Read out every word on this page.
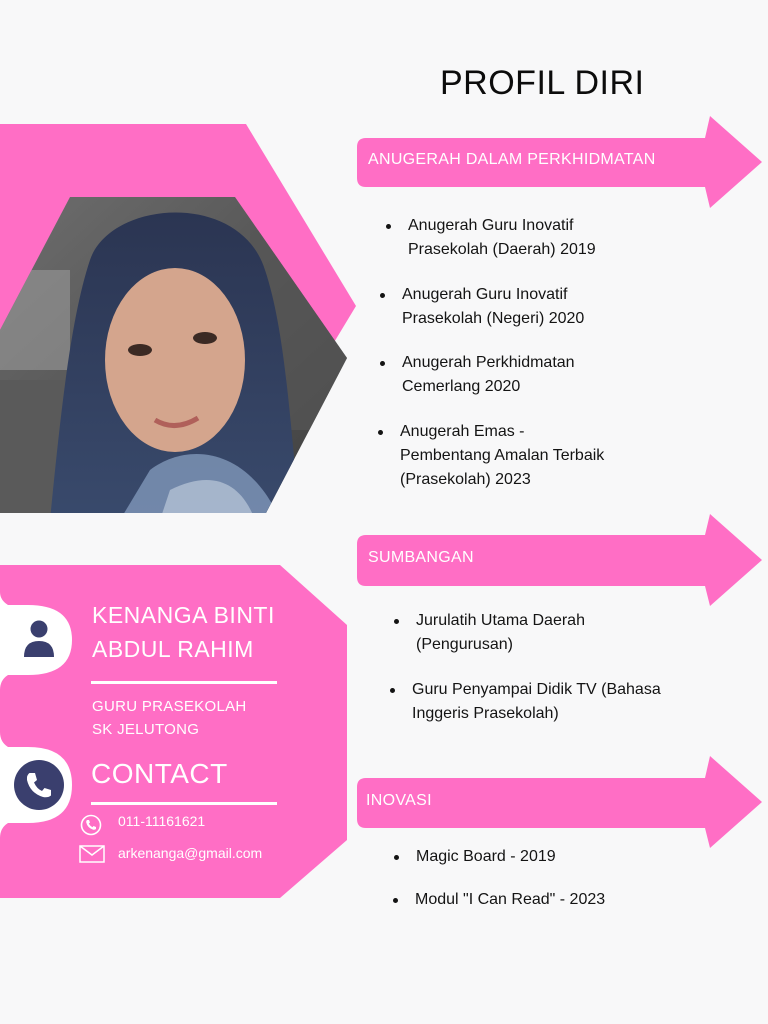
PROFIL DIRI
ANUGERAH DALAM PERKHIDMATAN
SUMBANGAN
INOVASI
Anugerah Guru Inovatif
Prasekolah (Daerah) 2019
Anugerah Guru Inovatif
Prasekolah (Negeri) 2020
Anugerah Perkhidmatan
Cemerlang 2020
Anugerah Emas -
Pembentang Amalan Terbaik
(Prasekolah) 2023
Jurulatih Utama Daerah
(Pengurusan)
Guru Penyampai Didik TV (Bahasa
Inggeris Prasekolah)
Magic Board - 2019
Modul "I Can Read" - 2023
KENANGA BINTI
ABDUL RAHIM
GURU PRASEKOLAH
SK JELUTONG
CONTACT
011-11161621
arkenanga@gmail.com
